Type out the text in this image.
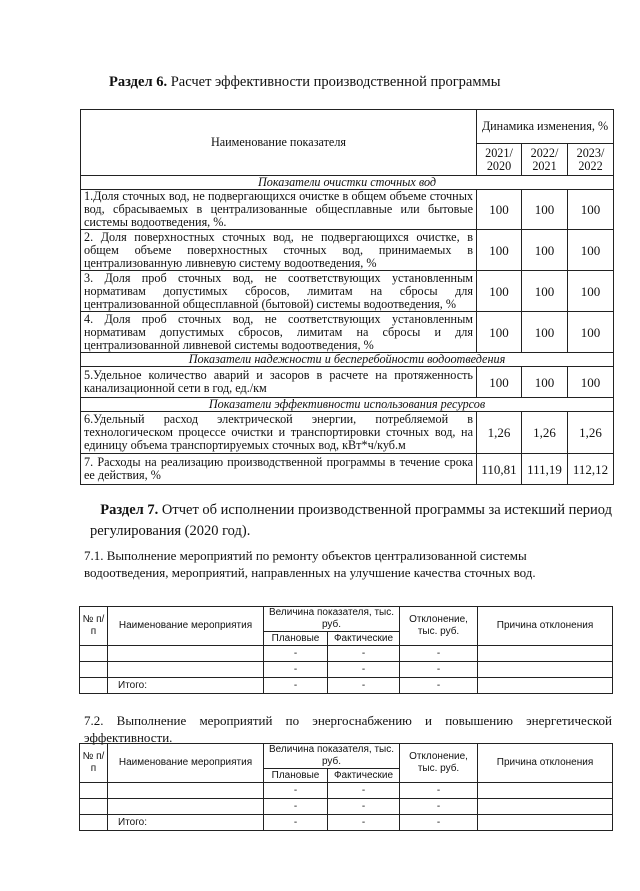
Раздел 6. Расчет эффективности производственной программы
Наименование показателя	Динамика изменения, %		
	2021/ 2020	2022/ 2021	2023/ 2022
Показатели очистки сточных вод			
1.Доля сточных вод, не подвергающихся очистке в общем объеме сточных вод, сбрасываемых в централизованные общесплавные или бытовые системы водоотведения, %.	100	100	100
2. Доля поверхностных сточных вод, не подвергающихся очистке, в общем объеме поверхностных сточных вод, принимаемых в централизованную ливневую систему водоотведения, %	100	100	100
3. Доля проб сточных вод, не соответствующих установленным нормативам допустимых сбросов, лимитам на сбросы для централизованной общесплавной (бытовой) системы водоотведения, %	100	100	100
4. Доля проб сточных вод, не соответствующих установленным нормативам допустимых сбросов, лимитам на сбросы и для централизованной ливневой системы водоотведения, %	100	100	100
Показатели надежности и бесперебойности водоотведения			
5.Удельное количество аварий и засоров в расчете на протяженность канализационной сети в год, ед./км	100	100	100
Показатели эффективности использования ресурсов			
6.Удельный расход электрической энергии, потребляемой в технологическом процессе очистки и транспортировки сточных вод, на единицу объема транспортируемых сточных вод, кВт*ч/куб.м	1,26	1,26	1,26
7. Расходы на реализацию производственной программы в течение срока ее действия, %	110,81	111,19	112,12
Раздел 7. Отчет об исполнении производственной программы за истекший период
регулирования (2020 год).
7.1. Выполнение мероприятий по ремонту объектов централизованной системы водоотведения, мероприятий, направленных на улучшение качества сточных вод.
№ п/п	Наименование мероприятия	Величина показателя, тыс. руб.		Отклонение, тыс. руб.	Причина отклонения
		Плановые	Фактические		
		-	-	-	
		-	-	-	
	Итого:	-	-	-	
7.2. Выполнение мероприятий по энергоснабжению и повышению энергетической
эффективности.
№ п/п	Наименование мероприятия	Величина показателя, тыс. руб.		Отклонение, тыс. руб.	Причина отклонения
		Плановые	Фактические		
		-	-	-	
		-	-	-	
	Итого:	-	-	-	
